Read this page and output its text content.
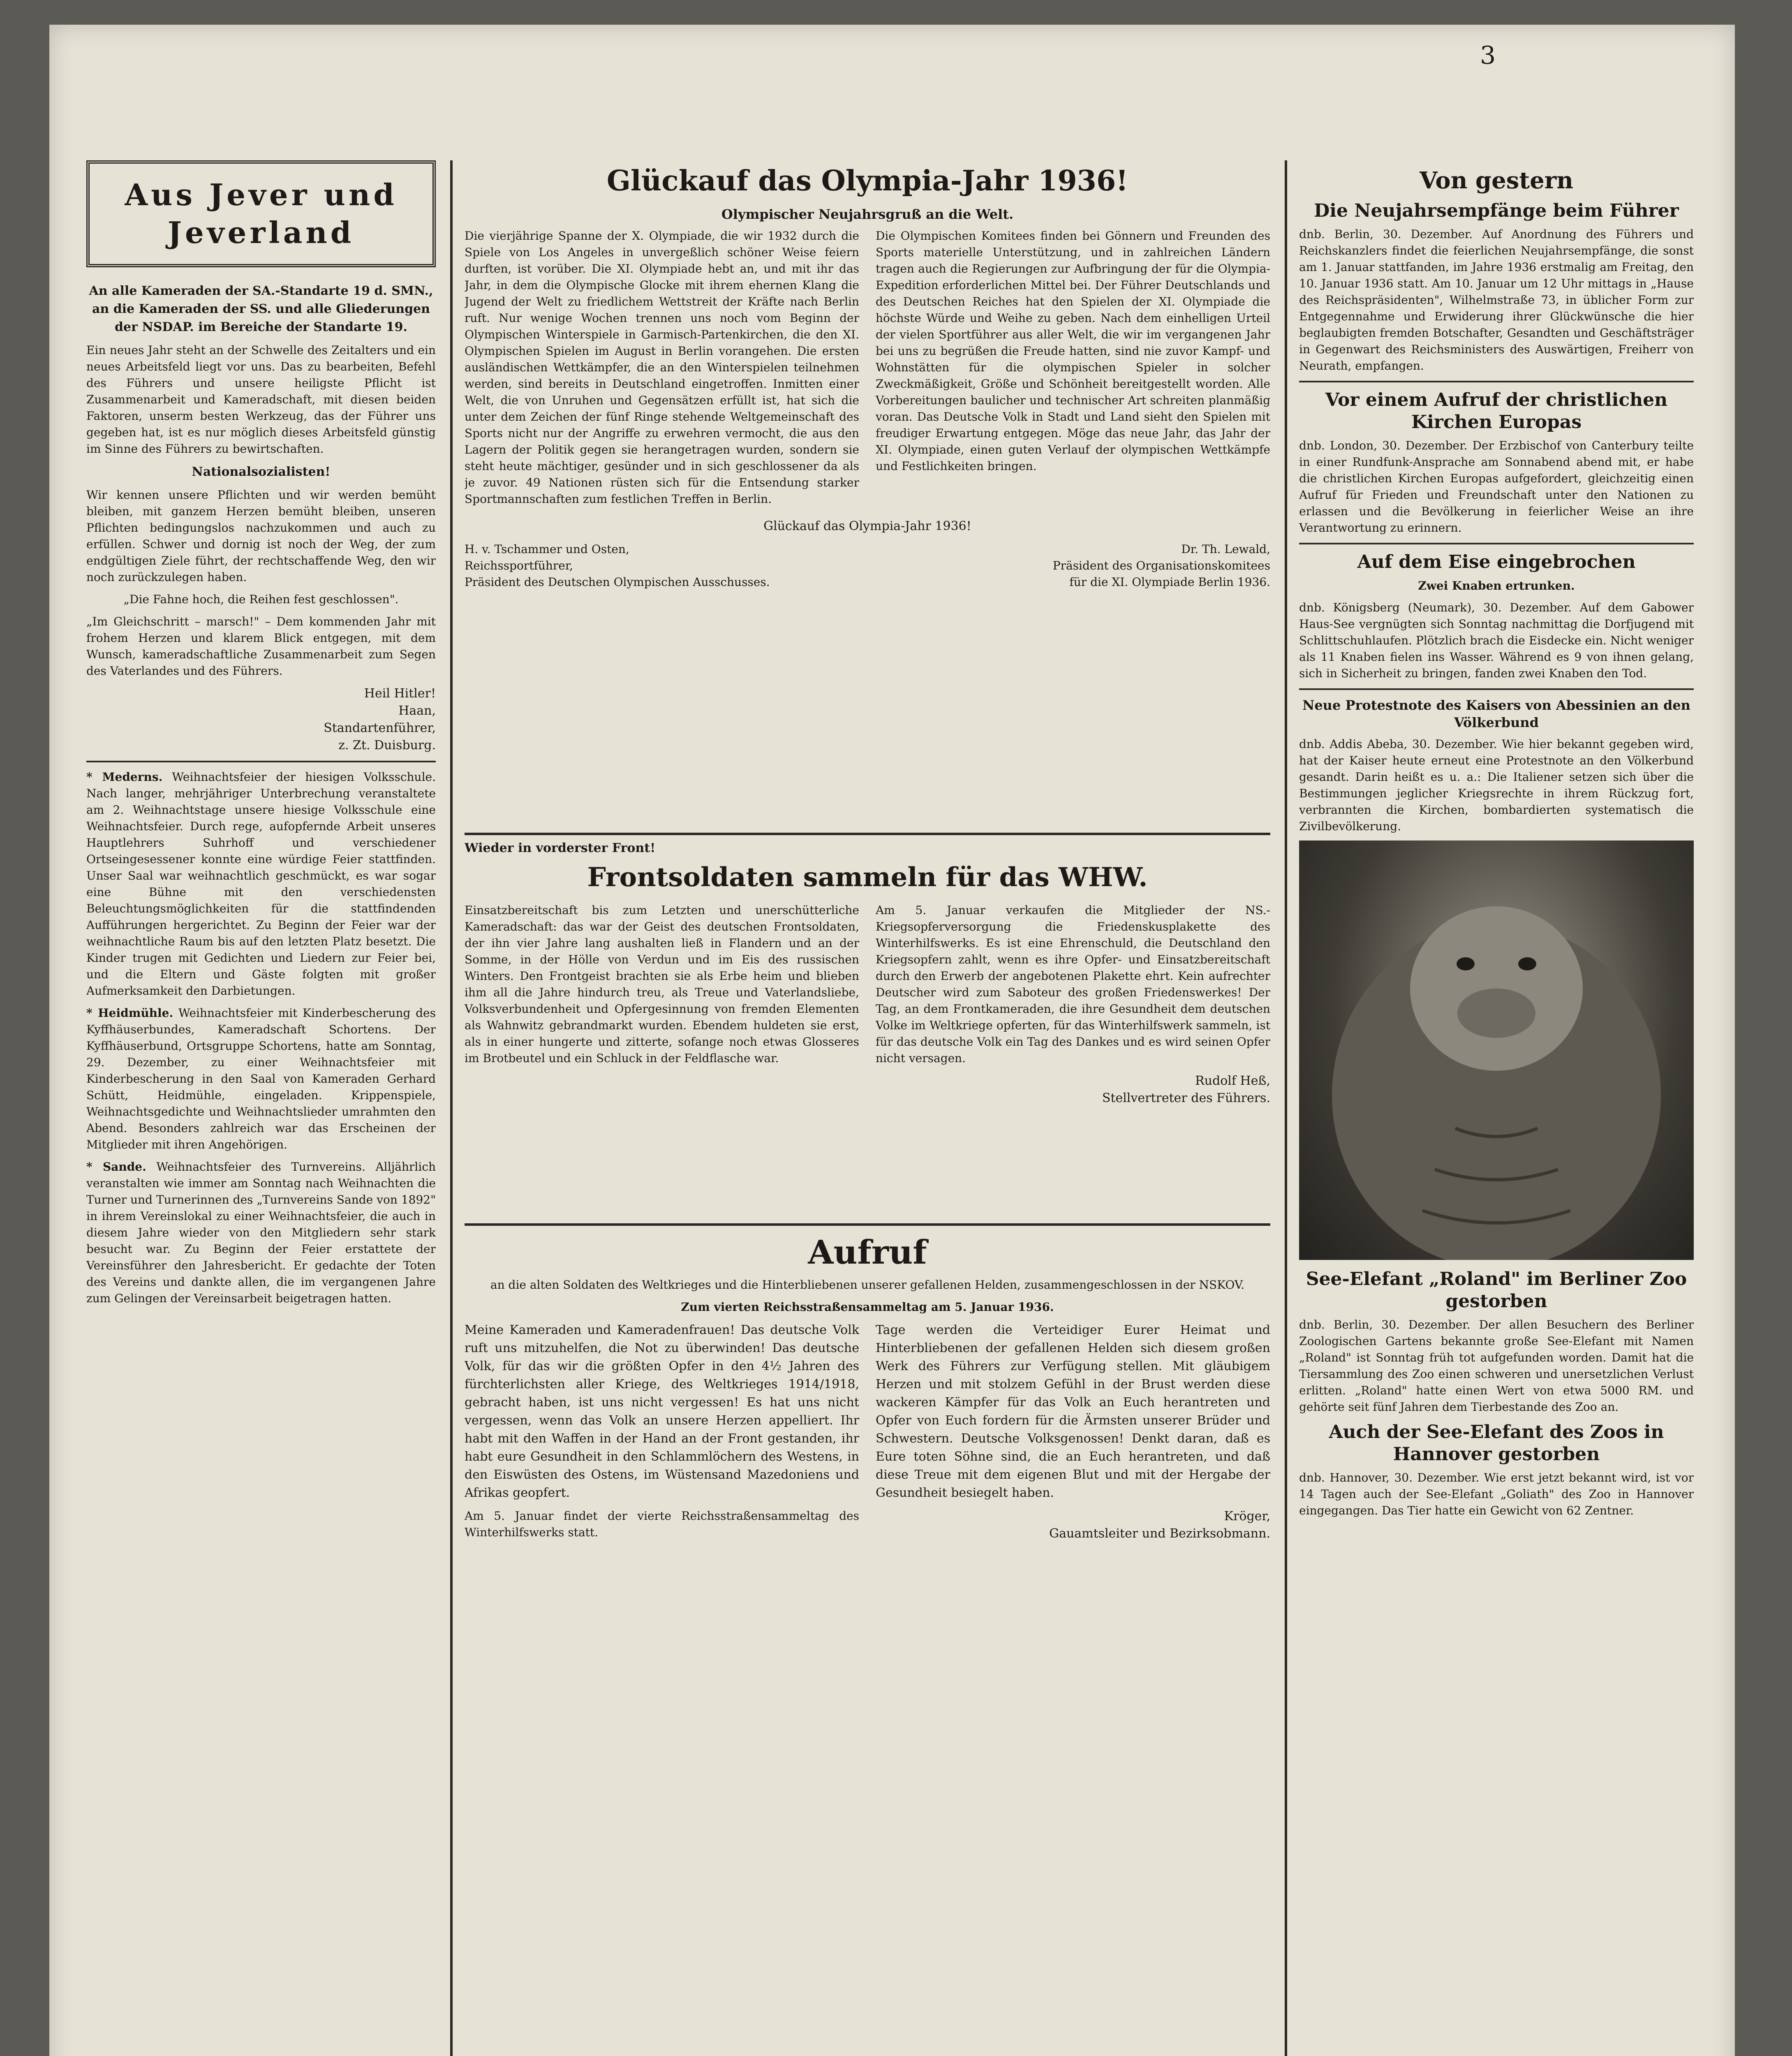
3
Aus Jever und Jeverland

An alle Kameraden der SA.-Standarte 19 d. SMN., an die Kameraden der SS. und alle Gliederungen der NSDAP. im Bereiche der Standarte 19.

Ein neues Jahr steht an der Schwelle des Zeitalters und ein neues Arbeitsfeld liegt vor uns. Das zu bearbeiten, Befehl des Führers und unsere heiligste Pflicht ist Zusammenarbeit und Kameradschaft, mit diesen beiden Faktoren, unserm besten Werkzeug, das der Führer uns gegeben hat, ist es nur möglich dieses Arbeitsfeld günstig im Sinne des Führers zu bewirtschaften.

Nationalsozialisten!

Wir kennen unsere Pflichten und wir werden bemüht bleiben, mit ganzem Herzen bemüht bleiben, unseren Pflichten bedingungslos nachzukommen und auch zu erfüllen. Schwer und dornig ist noch der Weg, der zum endgültigen Ziele führt, der rechtschaffende Weg, den wir noch zurückzulegen haben.

„Die Fahne hoch, die Reihen fest geschlossen".

„Im Gleichschritt – marsch!" – Dem kommenden Jahr mit frohem Herzen und klarem Blick entgegen, mit dem Wunsch, kameradschaftliche Zusammenarbeit zum Segen des Vaterlandes und des Führers.

Heil Hitler!
Haan,
Standartenführer,
z. Zt. Duisburg.

* Mederns. Weihnachtsfeier der hiesigen Volksschule. Nach langer, mehrjähriger Unterbrechung veranstaltete am 2. Weihnachtstage unsere hiesige Volksschule eine Weihnachtsfeier. Durch rege, aufopfernde Arbeit unseres Hauptlehrers Suhrhoff und verschiedener Ortseingesessener konnte eine würdige Feier stattfinden. Unser Saal war weihnachtlich geschmückt, es war sogar eine Bühne mit den verschiedensten Beleuchtungsmöglichkeiten für die stattfindenden Aufführungen hergerichtet. Zu Beginn der Feier war der weihnachtliche Raum bis auf den letzten Platz besetzt. Die Kinder trugen mit Gedichten und Liedern zur Feier bei, und die Eltern und Gäste folgten mit großer Aufmerksamkeit den Darbietungen.

* Heidmühle. Weihnachtsfeier mit Kinderbescherung des Kyffhäuserbundes, Kameradschaft Schortens. Der Kyffhäuserbund, Ortsgruppe Schortens, hatte am Sonntag, 29. Dezember, zu einer Weihnachtsfeier mit Kinderbescherung in den Saal von Kameraden Gerhard Schütt, Heidmühle, eingeladen. Krippenspiele, Weihnachtsgedichte und Weihnachtslieder umrahmten den Abend. Besonders zahlreich war das Erscheinen der Mitglieder mit ihren Angehörigen.

* Sande. Weihnachtsfeier des Turnvereins. Alljährlich veranstalten wie immer am Sonntag nach Weihnachten die Turner und Turnerinnen des „Turnvereins Sande von 1892" in ihrem Vereinslokal zu einer Weihnachtsfeier, die auch in diesem Jahre wieder von den Mitgliedern sehr stark besucht war. Zu Beginn der Feier erstattete der Vereinsführer den Jahresbericht. Er gedachte der Toten des Vereins und dankte allen, die im vergangenen Jahre zum Gelingen der Vereinsarbeit beigetragen hatten.

Glückauf das Olympia-Jahr 1936!
Olympischer Neujahrsgruß an die Welt.

Die vierjährige Spanne der X. Olympiade, die wir 1932 durch die Spiele von Los Angeles in unvergeßlich schöner Weise feiern durften, ist vorüber. Die XI. Olympiade hebt an, und mit ihr das Jahr, in dem die Olympische Glocke mit ihrem ehernen Klang die Jugend der Welt zu friedlichem Wettstreit der Kräfte nach Berlin ruft. Nur wenige Wochen trennen uns noch vom Beginn der Olympischen Winterspiele in Garmisch-Partenkirchen, die den XI. Olympischen Spielen im August in Berlin vorangehen. Die ersten ausländischen Wettkämpfer, die an den Winterspielen teilnehmen werden, sind bereits in Deutschland eingetroffen. Inmitten einer Welt, die von Unruhen und Gegensätzen erfüllt ist, hat sich die unter dem Zeichen der fünf Ringe stehende Weltgemeinschaft des Sports nicht nur der Angriffe zu erwehren vermocht, die aus den Lagern der Politik gegen sie herangetragen wurden, sondern sie steht heute mächtiger, gesünder und in sich geschlossener da als je zuvor. 49 Nationen rüsten sich für die Entsendung starker Sportmannschaften zum festlichen Treffen in Berlin.

Die Olympischen Komitees finden bei Gönnern und Freunden des Sports materielle Unterstützung, und in zahlreichen Ländern tragen auch die Regierungen zur Aufbringung der für die Olympia-Expedition erforderlichen Mittel bei. Der Führer Deutschlands und des Deutschen Reiches hat den Spielen der XI. Olympiade die höchste Würde und Weihe zu geben. Nach dem einhelligen Urteil der vielen Sportführer aus aller Welt, die wir im vergangenen Jahr bei uns zu begrüßen die Freude hatten, sind nie zuvor Kampf- und Wohnstätten für die olympischen Spieler in solcher Zweckmäßigkeit, Größe und Schönheit bereitgestellt worden. Alle Vorbereitungen baulicher und technischer Art schreiten planmäßig voran. Das Deutsche Volk in Stadt und Land sieht den Spielen mit freudiger Erwartung entgegen. Möge das neue Jahr, das Jahr der XI. Olympiade, einen guten Verlauf der olympischen Wettkämpfe und Festlichkeiten bringen.

Glückauf das Olympia-Jahr 1936!

H. v. Tschammer und Osten,
Reichssportführer,
Präsident des Deutschen Olympischen Ausschusses.
Dr. Th. Lewald,
Präsident des Organisationskomitees
für die XI. Olympiade Berlin 1936.
Wieder in vorderster Front!
Frontsoldaten sammeln für das WHW.

Einsatzbereitschaft bis zum Letzten und unerschütterliche Kameradschaft: das war der Geist des deutschen Frontsoldaten, der ihn vier Jahre lang aushalten ließ in Flandern und an der Somme, in der Hölle von Verdun und im Eis des russischen Winters. Den Frontgeist brachten sie als Erbe heim und blieben ihm all die Jahre hindurch treu, als Treue und Vaterlandsliebe, Volksverbundenheit und Opfergesinnung von fremden Elementen als Wahnwitz gebrandmarkt wurden. Ebendem huldeten sie erst, als in einer hungerte und zitterte, sofange noch etwas Glosseres im Brotbeutel und ein Schluck in der Feldflasche war.

Am 5. Januar verkaufen die Mitglieder der NS.-Kriegsopferversorgung die Friedenskusplakette des Winterhilfswerks. Es ist eine Ehrenschuld, die Deutschland den Kriegsopfern zahlt, wenn es ihre Opfer- und Einsatzbereitschaft durch den Erwerb der angebotenen Plakette ehrt. Kein aufrechter Deutscher wird zum Saboteur des großen Friedenswerkes! Der Tag, an dem Frontkameraden, die ihre Gesundheit dem deutschen Volke im Weltkriege opferten, für das Winterhilfswerk sammeln, ist für das deutsche Volk ein Tag des Dankes und es wird seinen Opfer nicht versagen.

Rudolf Heß,
Stellvertreter des Führers.
Aufruf

an die alten Soldaten des Weltkrieges und die Hinterbliebenen unserer gefallenen Helden, zusammengeschlossen in der NSKOV.

Zum vierten Reichsstraßensammeltag am 5. Januar 1936.

Meine Kameraden und Kameradenfrauen! Das deutsche Volk ruft uns mitzuhelfen, die Not zu überwinden! Das deutsche Volk, für das wir die größten Opfer in den 4½ Jahren des fürchterlichsten aller Kriege, des Weltkrieges 1914/1918, gebracht haben, ist uns nicht vergessen! Es hat uns nicht vergessen, wenn das Volk an unsere Herzen appelliert. Ihr habt mit den Waffen in der Hand an der Front gestanden, ihr habt eure Gesundheit in den Schlammlöchern des Westens, in den Eiswüsten des Ostens, im Wüstensand Mazedoniens und Afrikas geopfert.

Am 5. Januar findet der vierte Reichsstraßensammeltag des Winterhilfswerks statt.

Tage werden die Verteidiger Eurer Heimat und Hinterbliebenen der gefallenen Helden sich diesem großen Werk des Führers zur Verfügung stellen. Mit gläubigem Herzen und mit stolzem Gefühl in der Brust werden diese wackeren Kämpfer für das Volk an Euch herantreten und Opfer von Euch fordern für die Ärmsten unserer Brüder und Schwestern. Deutsche Volksgenossen! Denkt daran, daß es Eure toten Söhne sind, die an Euch herantreten, und daß diese Treue mit dem eigenen Blut und mit der Hergabe der Gesundheit besiegelt haben.

Kröger,
Gauamtsleiter und Bezirksobmann.

Von gestern
Die Neujahrsempfänge beim Führer

dnb. Berlin, 30. Dezember. Auf Anordnung des Führers und Reichskanzlers findet die feierlichen Neujahrsempfänge, die sonst am 1. Januar stattfanden, im Jahre 1936 erstmalig am Freitag, den 10. Januar 1936 statt. Am 10. Januar um 12 Uhr mittags in „Hause des Reichspräsidenten", Wilhelmstraße 73, in üblicher Form zur Entgegennahme und Erwiderung ihrer Glückwünsche die hier beglaubigten fremden Botschafter, Gesandten und Geschäftsträger in Gegenwart des Reichsministers des Auswärtigen, Freiherr von Neurath, empfangen.

Vor einem Aufruf der christlichen Kirchen Europas

dnb. London, 30. Dezember. Der Erzbischof von Canterbury teilte in einer Rundfunk-Ansprache am Sonnabend abend mit, er habe die christlichen Kirchen Europas aufgefordert, gleichzeitig einen Aufruf für Frieden und Freundschaft unter den Nationen zu erlassen und die Bevölkerung in feierlicher Weise an ihre Verantwortung zu erinnern.

Auf dem Eise eingebrochen
Zwei Knaben ertrunken.

dnb. Königsberg (Neumark), 30. Dezember. Auf dem Gabower Haus-See vergnügten sich Sonntag nachmittag die Dorfjugend mit Schlittschuhlaufen. Plötzlich brach die Eisdecke ein. Nicht weniger als 11 Knaben fielen ins Wasser. Während es 9 von ihnen gelang, sich in Sicherheit zu bringen, fanden zwei Knaben den Tod.

Neue Protestnote des Kaisers von Abessinien an den Völkerbund

dnb. Addis Abeba, 30. Dezember. Wie hier bekannt gegeben wird, hat der Kaiser heute erneut eine Protestnote an den Völkerbund gesandt. Darin heißt es u. a.: Die Italiener setzen sich über die Bestimmungen jeglicher Kriegsrechte in ihrem Rückzug fort, verbrannten die Kirchen, bombardierten systematisch die Zivilbevölkerung.

See-Elefant „Roland" im Berliner Zoo gestorben

dnb. Berlin, 30. Dezember. Der allen Besuchern des Berliner Zoologischen Gartens bekannte große See-Elefant mit Namen „Roland" ist Sonntag früh tot aufgefunden worden. Damit hat die Tiersammlung des Zoo einen schweren und unersetzlichen Verlust erlitten. „Roland" hatte einen Wert von etwa 5000 RM. und gehörte seit fünf Jahren dem Tierbestande des Zoo an.

Auch der See-Elefant des Zoos in Hannover gestorben

dnb. Hannover, 30. Dezember. Wie erst jetzt bekannt wird, ist vor 14 Tagen auch der See-Elefant „Goliath" des Zoo in Hannover eingegangen. Das Tier hatte ein Gewicht von 62 Zentner.
